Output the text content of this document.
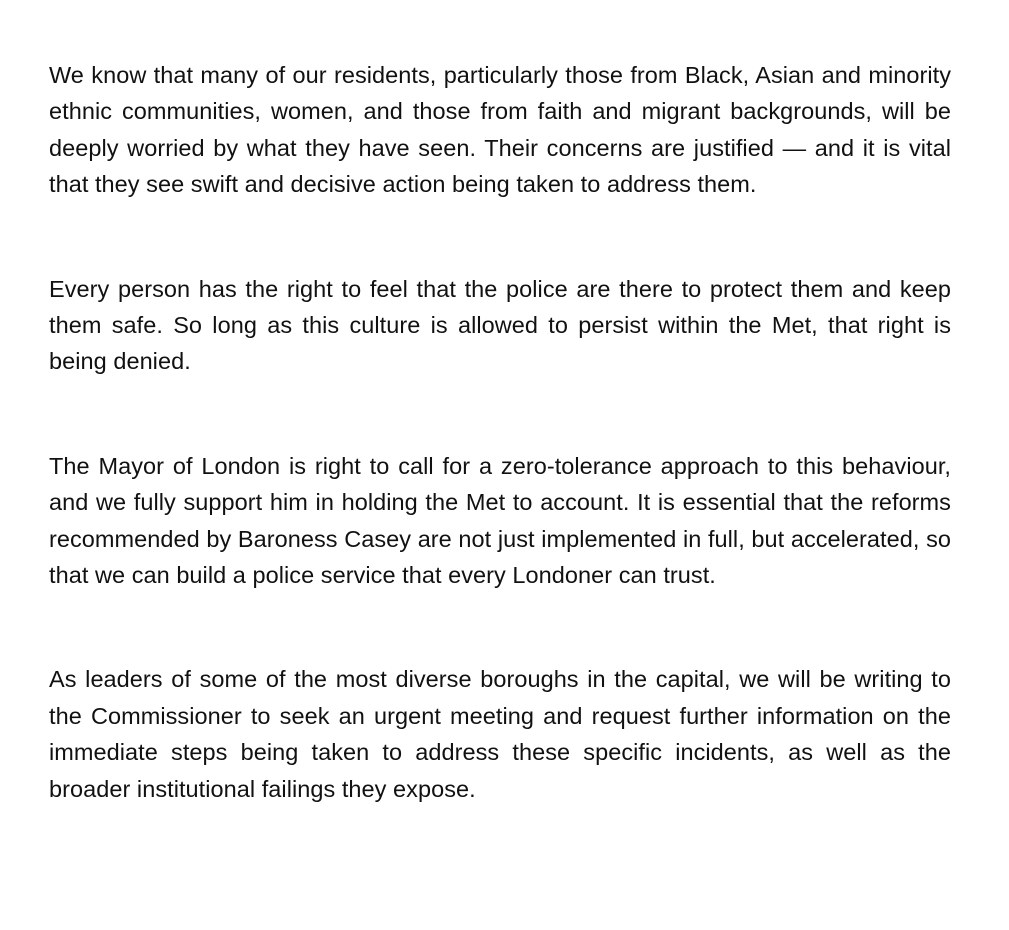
We know that many of our residents, particularly those from Black, Asian and minority ethnic communities, women, and those from faith and migrant backgrounds, will be deeply worried by what they have seen. Their concerns are justified — and it is vital that they see swift and decisive action being taken to address them.

Every person has the right to feel that the police are there to protect them and keep them safe. So long as this culture is allowed to persist within the Met, that right is being denied.

The Mayor of London is right to call for a zero-tolerance approach to this behaviour, and we fully support him in holding the Met to account. It is essential that the reforms recommended by Baroness Casey are not just implemented in full, but accelerated, so that we can build a police service that every Londoner can trust.

As leaders of some of the most diverse boroughs in the capital, we will be writing to the Commissioner to seek an urgent meeting and request further information on the immediate steps being taken to address these specific incidents, as well as the broader institutional failings they expose.
